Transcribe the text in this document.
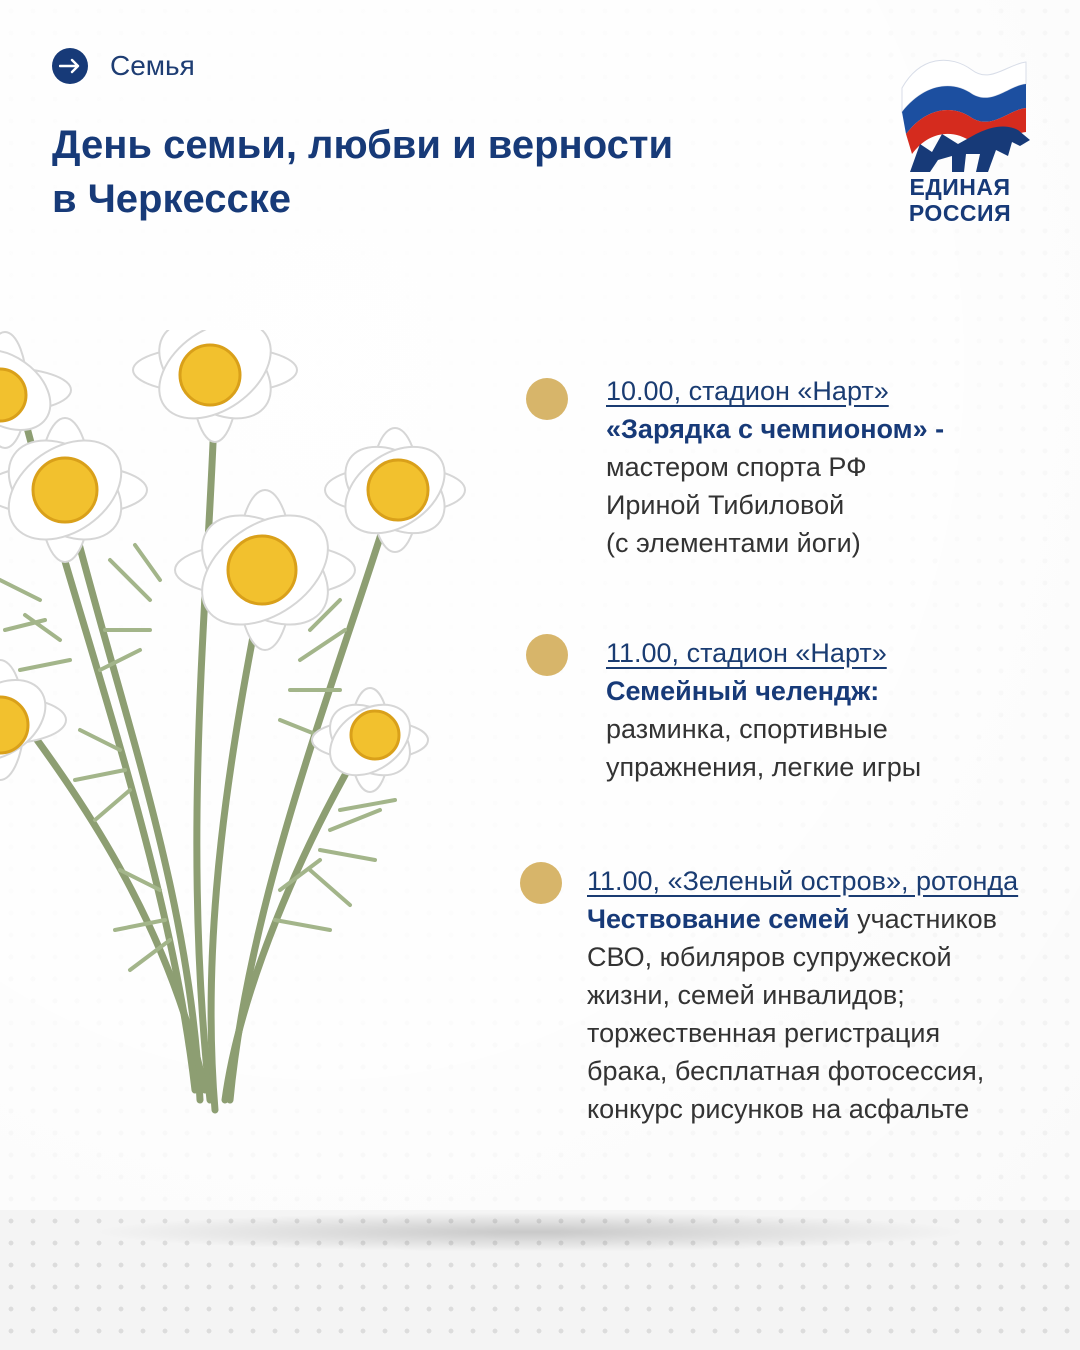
Семья
День семьи, любви и верности в Черкесске	ЕДИНАЯ
РОССИЯ
10.00, стадион «Нарт»
«Зарядка с чемпионом» -
мастером спорта РФ
Ириной Тибиловой
(с элементами йоги)
11.00, стадион «Нарт»
Семейный челендж:
разминка, спортивные
упражнения, легкие игры
11.00, «Зеленый остров», ротонда
Чествование семей участников
СВО, юбиляров супружеской
жизни, семей инвалидов;
торжественная регистрация
брака, бесплатная фотосессия,
конкурс рисунков на асфальте
